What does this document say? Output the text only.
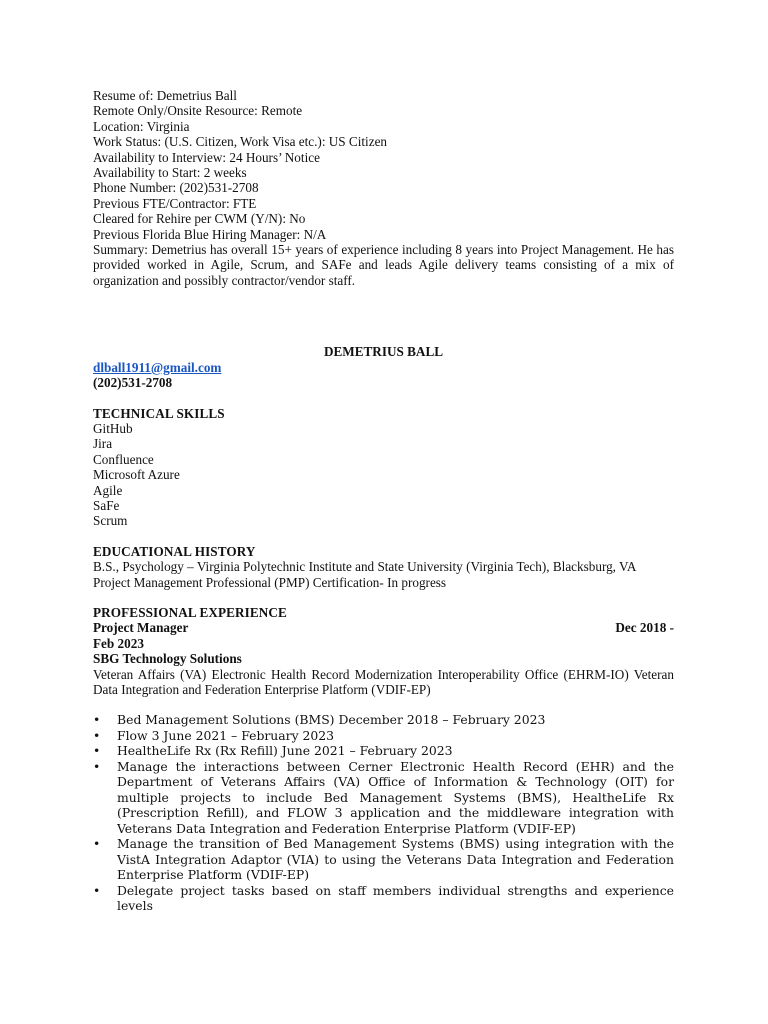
Resume of: Demetrius Ball
Remote Only/Onsite Resource: Remote
Location: Virginia
Work Status: (U.S. Citizen, Work Visa etc.): US Citizen
Availability to Interview: 24 Hours’ Notice
Availability to Start: 2 weeks
Phone Number: (202)531-2708
Previous FTE/Contractor: FTE
Cleared for Rehire per CWM (Y/N): No
Previous Florida Blue Hiring Manager: N/A

Summary: Demetrius has overall 15+ years of experience including 8 years into Project Management. He has provided worked in Agile, Scrum, and SAFe and leads Agile delivery teams consisting of a mix of organization and possibly contractor/vendor staff.

DEMETRIUS BALL

dlball1911@gmail.com
(202)531-2708

TECHNICAL SKILLS

GitHub
Jira
Confluence
Microsoft Azure
Agile
SaFe
Scrum

EDUCATIONAL HISTORY

B.S., Psychology – Virginia Polytechnic Institute and State University (Virginia Tech), Blacksburg, VA

Project Management Professional (PMP) Certification- In progress

PROFESSIONAL EXPERIENCE

Project Manager	Dec 2018 -
Feb 2023
SBG Technology Solutions

Veteran Affairs (VA) Electronic Health Record Modernization Interoperability Office (EHRM-IO) Veteran Data Integration and Federation Enterprise Platform (VDIF-EP)

• Bed Management Solutions (BMS) December 2018 – February 2023
• Flow 3 June 2021 – February 2023
• HealtheLife Rx (Rx Refill) June 2021 – February 2023
• Manage the interactions between Cerner Electronic Health Record (EHR) and the Department of Veterans Affairs (VA) Office of Information & Technology (OIT) for multiple projects to include Bed Management Systems (BMS), HealtheLife Rx (Prescription Refill), and FLOW 3 application and the middleware integration with Veterans Data Integration and Federation Enterprise Platform (VDIF-EP)
• Manage the transition of Bed Management Systems (BMS) using integration with the VistA Integration Adaptor (VIA) to using the Veterans Data Integration and Federation Enterprise Platform (VDIF-EP)
• Delegate project tasks based on staff members individual strengths and experience levels
